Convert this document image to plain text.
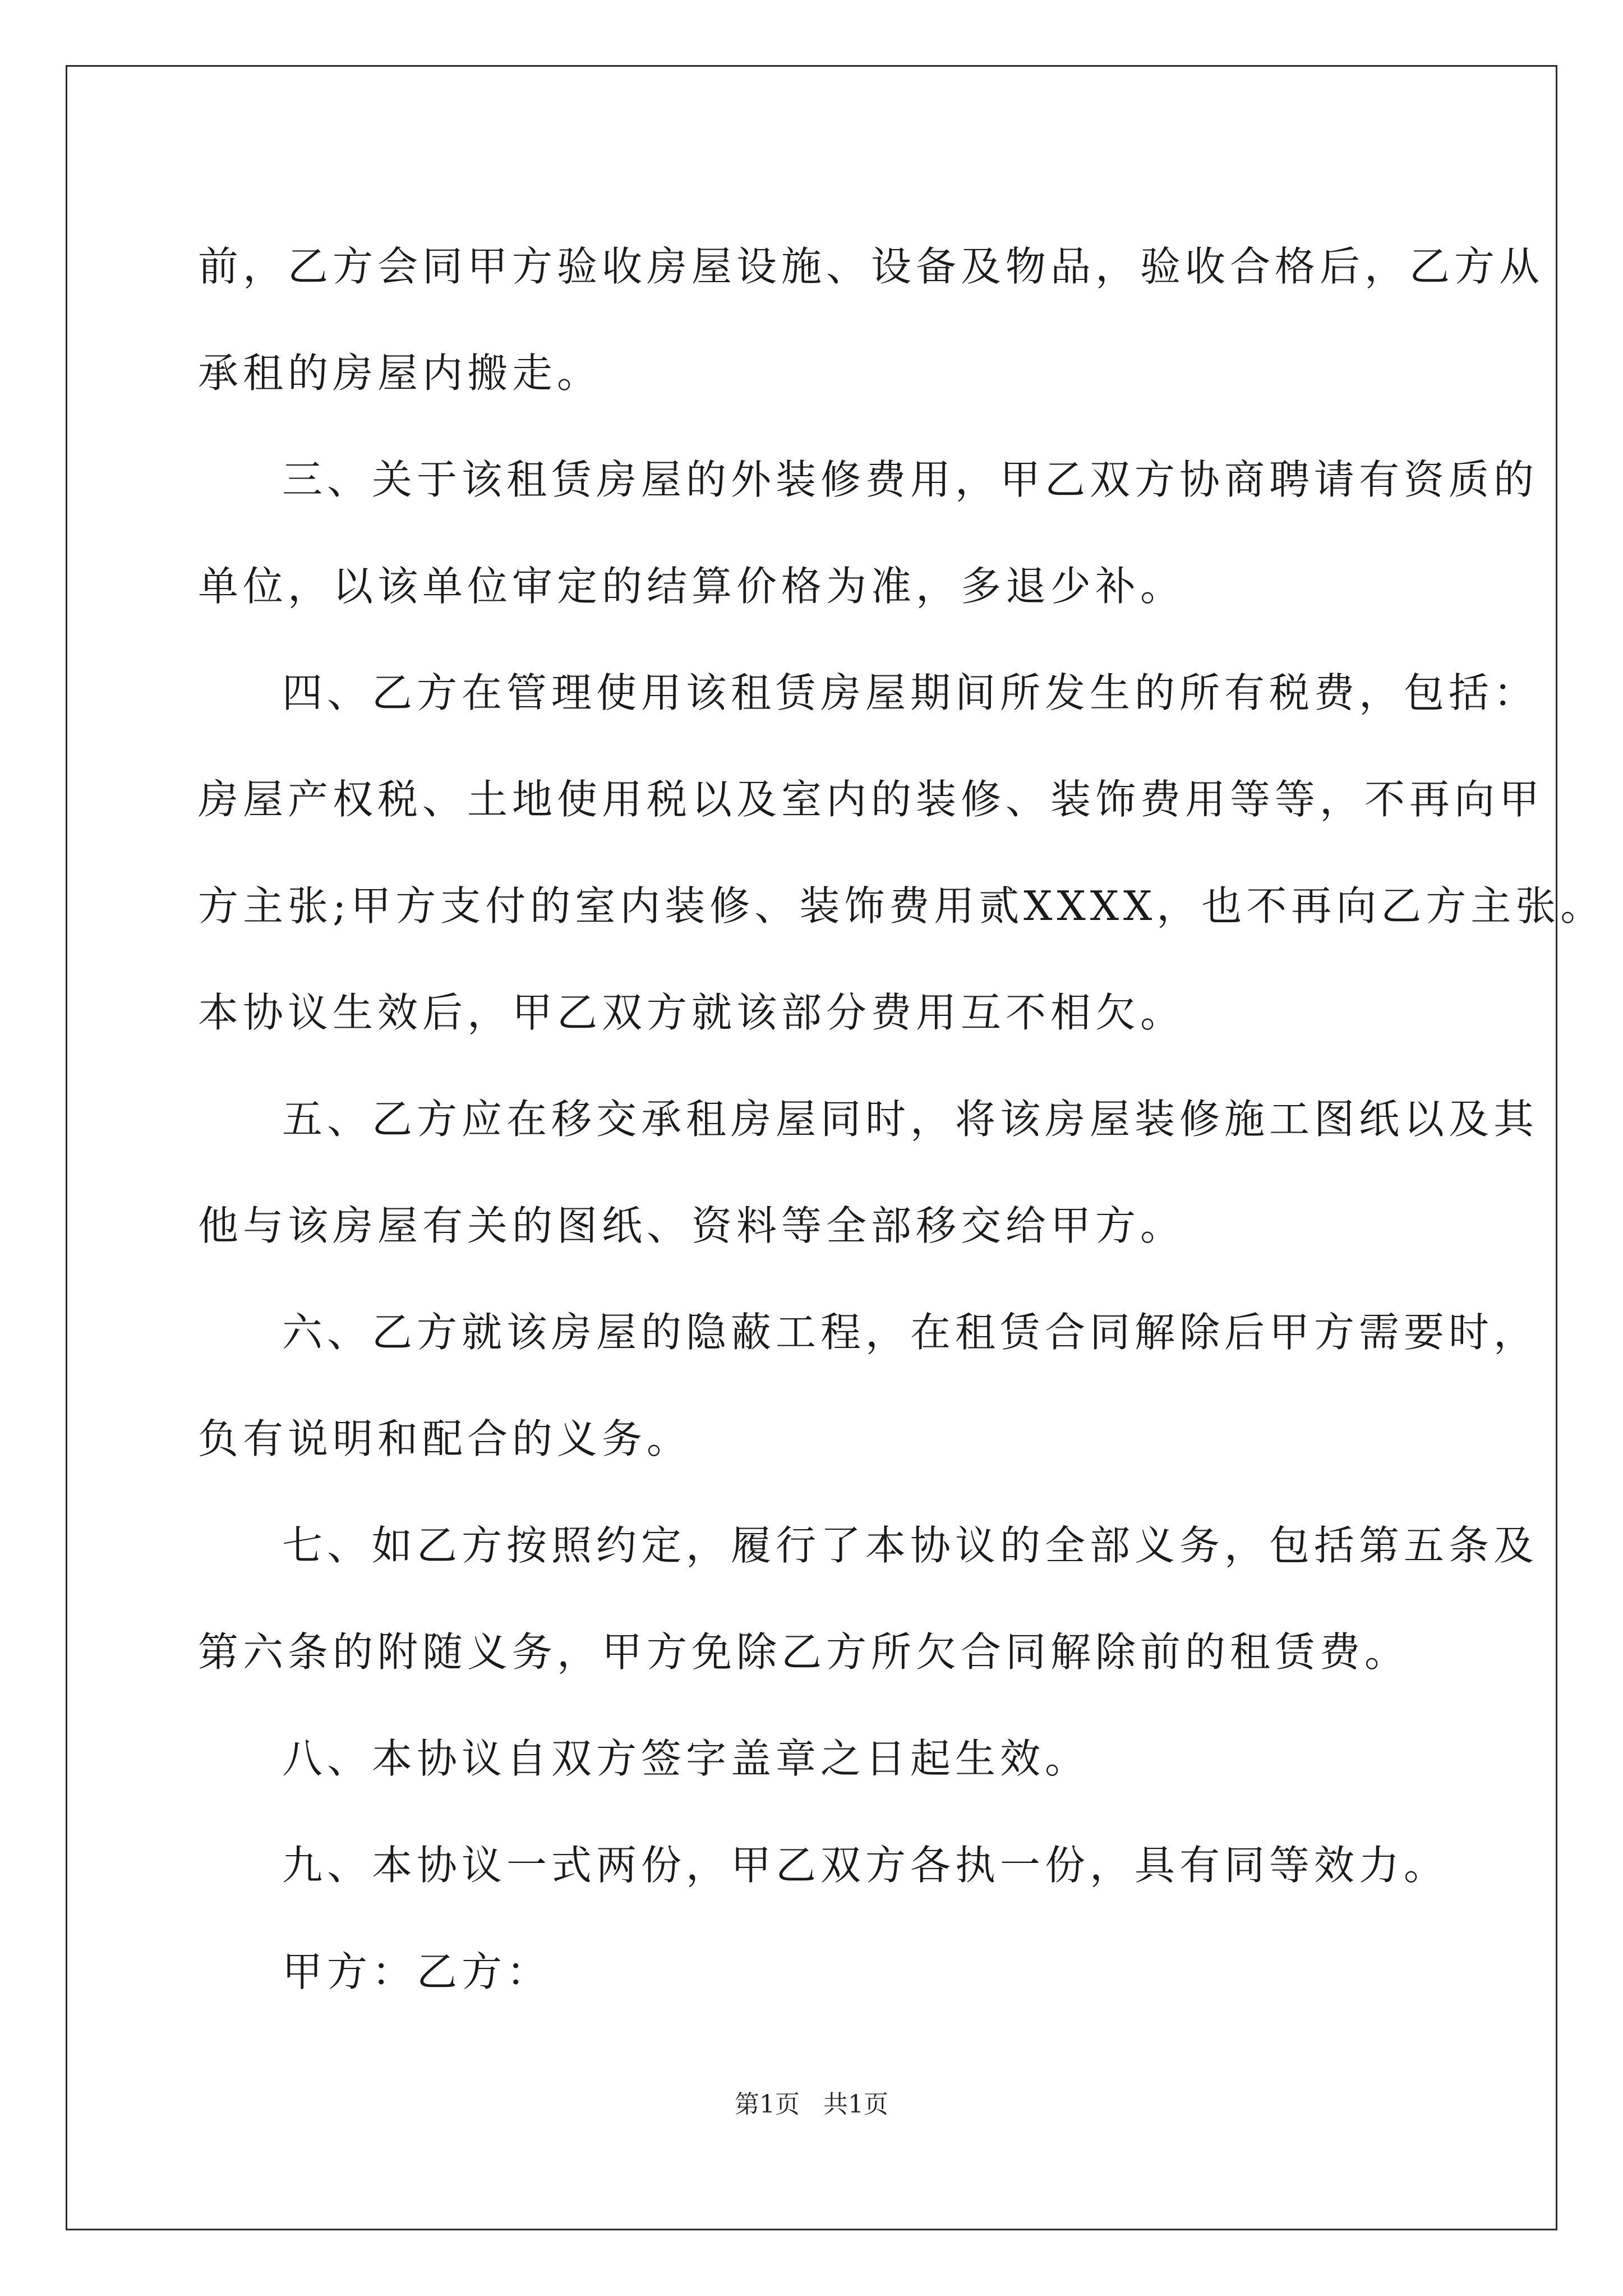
前，乙方会同甲方验收房屋设施、设备及物品，验收合格后，乙方从
承租的房屋内搬走。
三、关于该租赁房屋的外装修费用，甲乙双方协商聘请有资质的
单位，以该单位审定的结算价格为准，多退少补。
四、乙方在管理使用该租赁房屋期间所发生的所有税费，包括：
房屋产权税、土地使用税以及室内的装修、装饰费用等等，不再向甲
方主张;甲方支付的室内装修、装饰费用贰XXXX，也不再向乙方主张。
本协议生效后，甲乙双方就该部分费用互不相欠。
五、乙方应在移交承租房屋同时，将该房屋装修施工图纸以及其
他与该房屋有关的图纸、资料等全部移交给甲方。
六、乙方就该房屋的隐蔽工程，在租赁合同解除后甲方需要时，
负有说明和配合的义务。
七、如乙方按照约定，履行了本协议的全部义务，包括第五条及
第六条的附随义务，甲方免除乙方所欠合同解除前的租赁费。
八、本协议自双方签字盖章之日起生效。
九、本协议一式两份，甲乙双方各执一份，具有同等效力。
甲方：乙方：
第1页 共1页
